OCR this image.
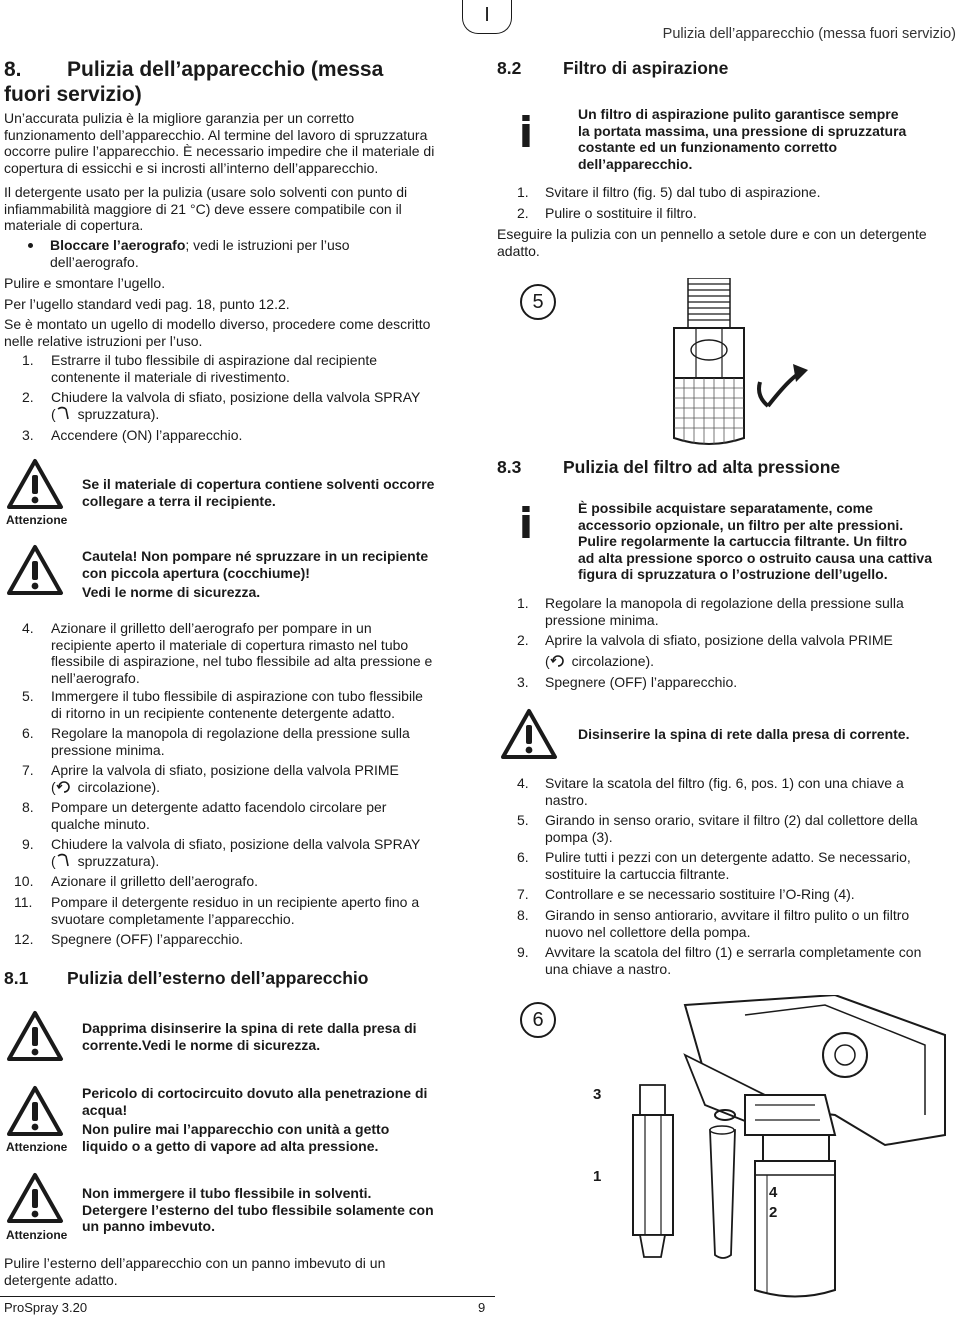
I
Pulizia dell’apparecchio (messa fuori servizio)
8. Pulizia dell’apparecchio (messa
fuori servizio)

Un’accurata pulizia è la migliore garanzia per un corretto

funzionamento dell’apparecchio. Al termine del lavoro di spruzzatura

occorre pulire l’apparecchio. È necessario impedire che il materiale di

copertura di essicchi e si incrosti all’interno dell’apparecchio.

Il detergente usato per la pulizia (usare solo solventi con punto di

infiammabilità maggiore di 21 °C) deve essere compatibile con il

materiale di copertura.

Bloccare l’aerografo; vedi le istruzioni per l’uso

dell’aerografo.

Pulire e smontare l’ugello.

Per l’ugello standard vedi pag. 18, punto 12.2.

Se è montato un ugello di modello diverso, procedere come descritto

nelle relative istruzioni per l’uso.

1. Estrarre il tubo flessibile di aspirazione dal recipiente

contenente il materiale di rivestimento.

2. Chiudere la valvola di sfiato, posizione della valvola SPRAY

( spruzzatura).

3. Accendere (ON) l’apparecchio.

Attenzione

Se il materiale di copertura contiene solventi occorre

collegare a terra il recipiente.

Cautela! Non pompare né spruzzare in un recipiente

con piccola apertura (cocchiume)!

Vedi le norme di sicurezza.

4. Azionare il grilletto dell’aerografo per pompare in un

recipiente aperto il materiale di copertura rimasto nel tubo

flessibile di aspirazione, nel tubo flessibile ad alta pressione e

nell’aerografo.

5. Immergere il tubo flessibile di aspirazione con tubo flessibile

di ritorno in un recipiente contenente detergente adatto.

6. Regolare la manopola di regolazione della pressione sulla

pressione minima.

7. Aprire la valvola di sfiato, posizione della valvola PRIME

( circolazione).

8. Pompare un detergente adatto facendolo circolare per

qualche minuto.

9. Chiudere la valvola di sfiato, posizione della valvola SPRAY

( spruzzatura).

10. Azionare il grilletto dell’aerografo.

11. Pompare il detergente residuo in un recipiente aperto fino a

svuotare completamente l’apparecchio.

12. Spegnere (OFF) l’apparecchio.

8.1 Pulizia dell’esterno dell’apparecchio

Dapprima disinserire la spina di rete dalla presa di

corrente.Vedi le norme di sicurezza.

Attenzione

Pericolo di cortocircuito dovuto alla penetrazione di

acqua!

Non pulire mai l’apparecchio con unità a getto

liquido o a getto di vapore ad alta pressione.

Attenzione

Non immergere il tubo flessibile in solventi.

Detergere l’esterno del tubo flessibile solamente con

un panno imbevuto.

Pulire l’esterno dell’apparecchio con un panno imbevuto di un

detergente adatto.

8.2 Filtro di aspirazione
i	Un filtro di aspirazione pulito garantisce sempre

la portata massima, una pressione di spruzzatura

costante ed un funzionamento corretto

dell’apparecchio.

1. Svitare il filtro (fig. 5) dal tubo di aspirazione.
2. Pulire o sostituire il filtro.

Eseguire la pulizia con un pennello a setole dure e con un detergente

adatto.

5
8.3 Pulizia del filtro ad alta pressione
i	È possibile acquistare separatamente, come

accessorio opzionale, un filtro per alte pressioni.

Pulire regolarmente la cartuccia filtrante. Un filtro

ad alta pressione sporco o ostruito causa una cattiva

figura di spruzzatura o l’ostruzione dell’ugello.

1. Regolare la manopola di regolazione della pressione sulla

pressione minima.

2. Aprire la valvola di sfiato, posizione della valvola PRIME

( circolazione).

3. Spegnere (OFF) l’apparecchio.

Disinserire la spina di rete dalla presa di corrente.

4. Svitare la scatola del filtro (fig. 6, pos. 1) con una chiave a

nastro.

5. Girando in senso orario, svitare il filtro (2) dal collettore della

pompa (3).

6. Pulire tutti i pezzi con un detergente adatto. Se necessario,

sostituire la cartuccia filtrante.

7. Controllare e se necessario sostituire l’O-Ring (4).

8. Girando in senso antiorario, avvitare il filtro pulito o un filtro

nuovo nel collettore della pompa.

9. Avvitare la scatola del filtro (1) e serrarla completamente con

una chiave a nastro.

6
3
1
4
2
ProSpray 3.20	9
